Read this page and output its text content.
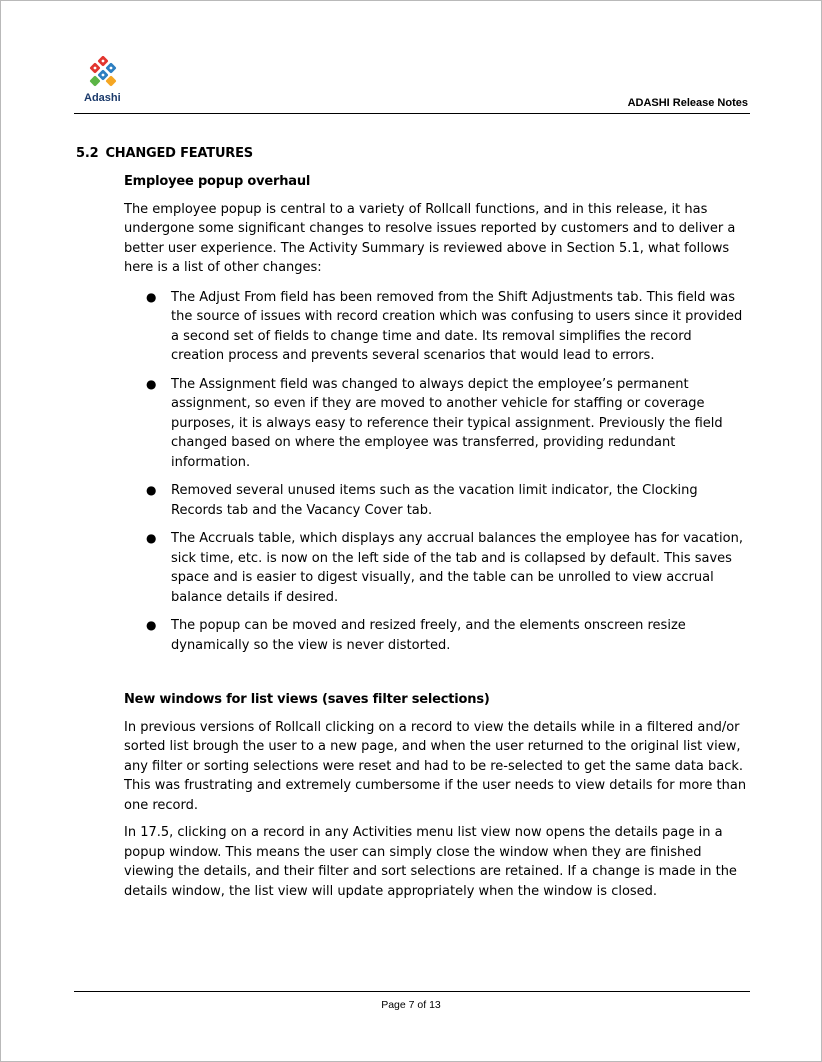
Adashi	ADASHI Release Notes
5.2 CHANGED FEATURES
Employee popup overhaul

The employee popup is central to a variety of Rollcall functions, and in this release, it has undergone some significant changes to resolve issues reported by customers and to deliver a better user experience. The Activity Summary is reviewed above in Section 5.1, what follows here is a list of other changes:

● The Adjust From field has been removed from the Shift Adjustments tab. This field was the source of issues with record creation which was confusing to users since it provided a second set of fields to change time and date. Its removal simplifies the record creation process and prevents several scenarios that would lead to errors.
● The Assignment field was changed to always depict the employee’s permanent assignment, so even if they are moved to another vehicle for staffing or coverage purposes, it is always easy to reference their typical assignment. Previously the field changed based on where the employee was transferred, providing redundant information.
● Removed several unused items such as the vacation limit indicator, the Clocking Records tab and the Vacancy Cover tab.
● The Accruals table, which displays any accrual balances the employee has for vacation, sick time, etc. is now on the left side of the tab and is collapsed by default. This saves space and is easier to digest visually, and the table can be unrolled to view accrual balance details if desired.
● The popup can be moved and resized freely, and the elements onscreen resize dynamically so the view is never distorted.
New windows for list views (saves filter selections)

In previous versions of Rollcall clicking on a record to view the details while in a filtered and/or sorted list brough the user to a new page, and when the user returned to the original list view, any filter or sorting selections were reset and had to be re-selected to get the same data back. This was frustrating and extremely cumbersome if the user needs to view details for more than one record.

In 17.5, clicking on a record in any Activities menu list view now opens the details page in a popup window. This means the user can simply close the window when they are finished viewing the details, and their filter and sort selections are retained. If a change is made in the details window, the list view will update appropriately when the window is closed.

Page 7 of 13
